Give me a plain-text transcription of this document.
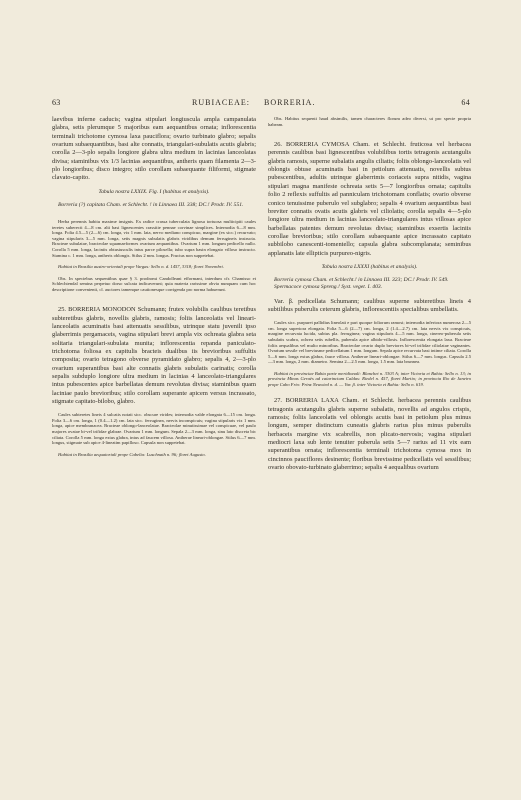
63	RUBIACEAE: BORRERIA.	64

laevibus inferne caducis; vagina stipulari longiuscula ampla campanulata glabra, setis plerumque 5 majoribus eam aequantibus ornata; inflorescentia terminali trichotome cymosa laxa pauciflora; ovario turbinato glabro; sepalis ovarium subaequantibus, basi alte connatis, triangulari-subulatis acutis glabris; corolla 2—3-plo sepalis longiore glabra ultra medium in lacinias lanceolatas divisa; staminibus vix 1/3 lacinias aequantibus, antheris quam filamenta 2—3-plo longioribus; disco integro; stilo corollam subaequante filiformi, stigmate clavato-capito.

Tabula nostra LXXIX. Fig. I (habitus et analysis).

Borreria (?) capitata Cham. et Schlecht. ! in Linnaea III. 338; DC.! Prodr. IV. 551.

Herba perennis habitu maxime insignis. Ex radice crassa tuberculata lignosa tortuosa multicipiti caules teretes suberecti 4—8 cm. alti basi lignescentes crassitie pennae corvinae simplices. Internodia 6—8 mm. longa. Folia 4.5—5 (2—6) cm. longa, vix 1 mm. lata, nervo mediano conspicuo, margine (ex sicc.) recurvato; vagina stipularis 3—5 mm. longa, setis magnis subulatis glabris viridibus demum ferrugineis instructa. Bracteae subulatae, bracteolae squamaeformes ovarium aequantibus. Ovarium 1 mm. longum pedicello nullo. Corolla 5 mm. longa, laciniis obtusiusculis intus parce pilosella; tubo supra basin elongato villoso instructo. Stamina c. 1 mm. longa, antheris oblongis. Stilus 2 mm. longus. Fructus non suppetebat.

Habitat in Brasilia austro-orientali prope Vargas: Sello n. d. 1457, 3318; floret Novembri.

Obs. In speciebus sequentibus quae § 3. prodromi Candolleani efformant, interdum cfr. Chamisso et Schlechtendal semina perpetuo dorso sulcata indicaverunt; quia materia rarissime obvia nunquam cum hoc descriptione convenienti, cl. auctores tamenque cautionesque corrigenda pro norma habuerunt.

25. BORRERIA MONODON Schumann; frutex volubilis caulibus teretibus subteretibus glabris, novellis glabris, ramosis; foliis lanceolatis vel lineari-lanceolatis acuminatis basi attenuatis sessilibus, utrinque statu juvenili ipso glaberrimis pergamaceis, vagina stipulari brevi ampla vix ochreata glabra seta solitaria triangulari-subulata munita; inflorescentia repanda paniculato-trichotoma foliosa ex capitulis bracteis dualibus iis brevioribus suffultis composita; ovario tetragono obverse pyramidato glabro; sepalis 4, 2—3-plo ovarium superantibus basi alte connatis glabris subulatis carinatis; corolla sepalis subduplo longiore ultra medium in lacinias 4 lanceolato-triangulares intus pubescentes apice barbellatas demum revolutas divisa; staminibus quam laciniae paulo brevioribus; stilo corollam superante apicem versus incrassato, stigmate capitato-bilobo, glabro.

Caules subteretes lineis 4 sulcatis notati sicc. obscure virides; internodia valde elongata 6—15 cm. longa. Folia 3—6 cm. longa, 1 (0.4—1.2) cm. lata sicc. ferruginea, nervis inconspicuis; vagina stipularis vix 1 mm. longa, apice membranacea. Bracteae oblongo-lanceolatae. Bracteolae minutissimae vel conspicuae, vel paulo majores ovatae bi-vel trifidae glabrae. Ovarium 1 mm. longum. Sepala 2—3 mm. longa, sinu lato discreta bic ciliata. Corolla 5 mm. longa extus glabra, intus ad faucem villosa. Antherae lineari-oblongae. Stilus 6—7 mm. longus, stigmate sub apice 4-lineatim papilloso. Capsula non suppetebat.

Habitat in Brasilia aequatoriali prope Cabelia: Luschnath n. 96; floret Augusto.

Obs. Habitus sequenti haud absimilis, tamen characteres florum adeo diversi, ut pro specie propria habeam.

26. BORRERIA CYMOSA Cham. et Schlecht. fruticosa vel herbacea perennis caulibus basi lignescentibus volubilibus tortis tetragonis acutangulis glabris ramosis, superne subalatis angulis ciliatis; foliis oblongo-lanceolatis vel oblongis obtuse acuminatis basi in petiolum attenuatis, novellis subtus pubescentibus, adultis utrinque glaberrimis coriaceis supra nitidis, vagina stipulari magna manifeste ochreata setis 5—7 longioribus ornata; capitulis folio 2 reflexis suffultis ad panniculam trichotomam conflatis; ovario obverse conico tenuissime puberulo vel subglabro; sepalis 4 ovarium aequantibus basi breviter connatis ovatis acutis glabris vel ciliolatis; corolla sepalis 4—5-plo longiore ultra medium in lacinias lanceolato-triangulares intus villosas apice barbellatas patentes demum revolutas divisa; staminibus exsertis laciniis corollae brevioribus; stilo corollam subaequante apice incrassato capitato subbilobo canescenti-tomentello; capsula glabra subcomplanata; seminibus applanatis late ellipticis purpureo-nigris.

Tabula nostra LXXXI (habitus et analysis).

Borreria cymosa Cham. et Schlecht.! in Linnaea III. 323; DC.! Prodr. IV. 549.

Spermacoce cymosa Spreng.! Syst. veget. I. 403.

Var. β. pedicellata Schumann; caulibus superne subteretibus lineis 4 subtilibus puberulis ceterum glabris, inflorescentiis specialibus umbellatis.

Caules sicc. purpurei pallidius lineolati e pari quoque foliorum ramosi; internodia inferiora numerosa 2—5 cm. longa superiora elongata. Folia 5—6 (2—7) cm. longa, 2 (1.4—2.7) cm. lata nervis vix conspicuis, margine recurvata lucida, subtus pla. ferruginea; vagina stipularis 4—5 mm. longa, cinereo-puberula setis subulatis scabra, ochrea setis rubellis, puberula apice albido-villosis. Inflorescentia elongata laxa. Bracteae foliis aequalibus vel multo minoribus. Bracteolae ovario duplo breviores bi-vel trifidae ciliolatae vaginantes. Ovarium sessile vel breviusme pedicellatum 1 mm. longum. Sepala apice recurvata basi intime ciliata. Corolla 5—6 mm. longa extus glabra, fauce villosa. Antherae lineari-oblongae. Stilus 6—7 mm. longus. Capsula 2.5—3 mm. longa, 2 mm. diametro. Semina 2—2.5 mm. longa, 1.5 mm. lata brunnea.

Habitat in provinciae Bahia parte meridionali: Blanchet n. 3303 A; inter Victoria et Bahia: Sello n. 13; in provincia Minas Geraës ad catarinctum Caldas: Riedel n. 457, floret Martio; in provincia Rio de Janeiro prope Cabo Frio: Prinz Neuwied n. d. — Var. β. inter Victoria et Bahia: Sello n. 619.

27. BORRERIA LAXA Cham. et Schlecht. herbacea perennis caulibus tetragonis acutangulis glabris superne subalatis, novellis ad angulos crispis, ramosis; foliis lanceolatis vel oblongis acutis basi in petiolum plus minus longum, semper distinctum cuneatis glabris rarius plus minus puberulis herbaceis margine vix scabrellis, non plicato-nervosis; vagina stipulari mediocri laxa sub lente tenuiter puberula setis 5—7 rarius ad 11 vix eam superantibus ornata; inflorescentia terminali trichotoma cymosa mox in cincinnos pauciflores desinente; floribus brevissime pedicellatis vel sessilibus; ovario obovato-turbinato glaberrimo; sepalis 4 aequalibus ovarium
